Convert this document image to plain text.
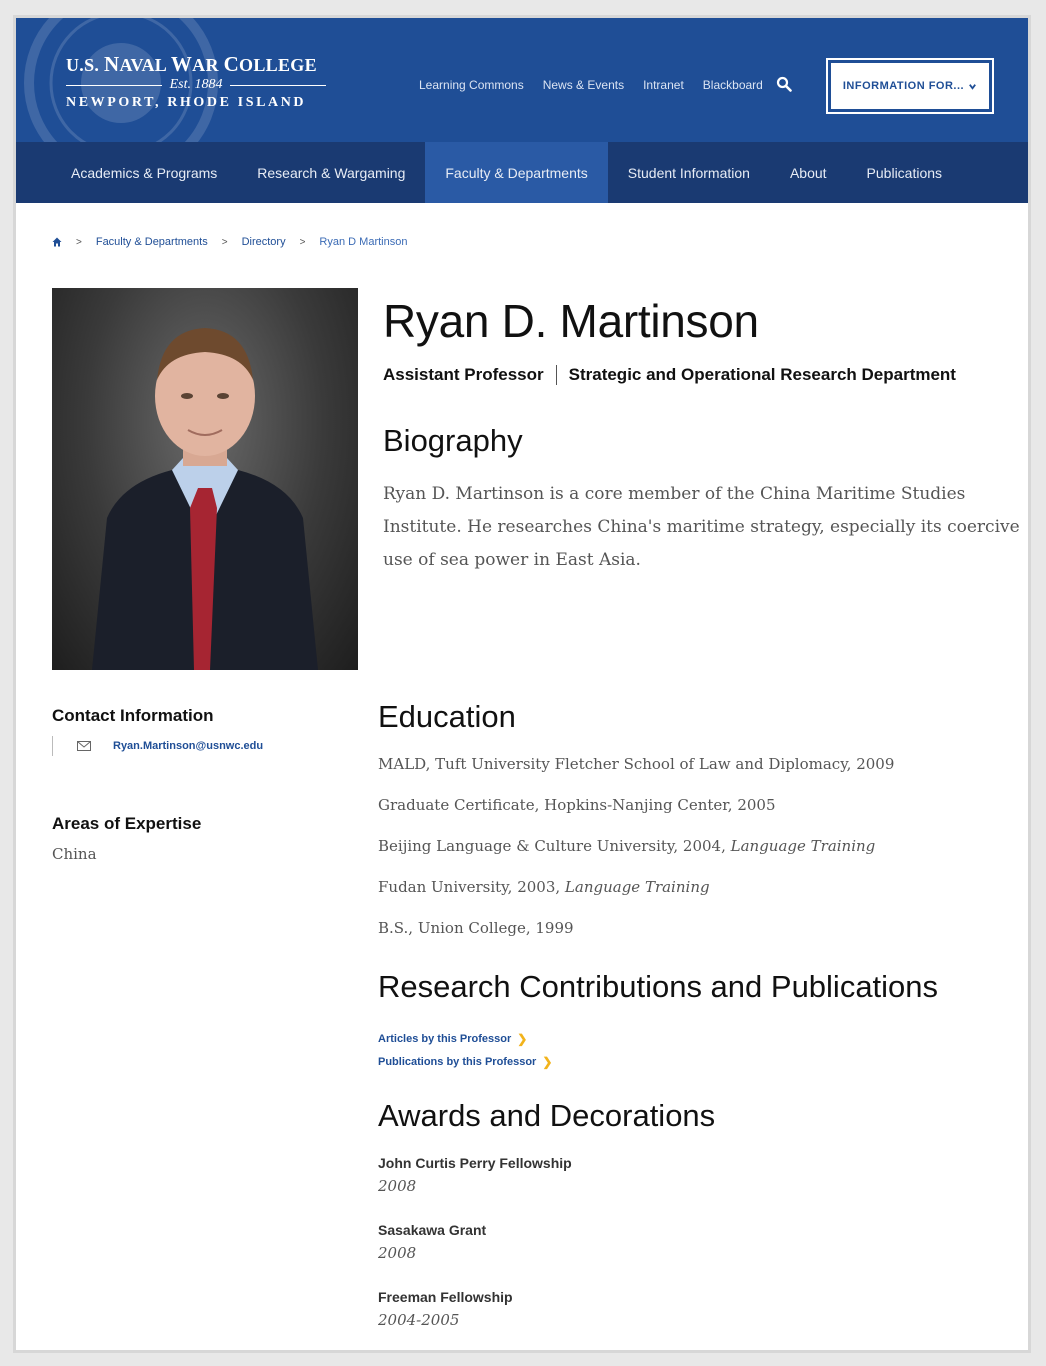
U.S. NAVAL WAR COLLEGE
Est. 1884
NEWPORT, RHODE ISLAND
Learning Commons News & Events Intranet Blackboard	INFORMATION FOR...
Academics & Programs	Research & Wargaming	Faculty & Departments	Student Information	About	Publications
> Faculty & Departments > Directory > Ryan D Martinson
Ryan D. Martinson
Assistant Professor Strategic and Operational Research Department
Biography

Ryan D. Martinson is a core member of the China Maritime Studies Institute. He researches China's maritime strategy, especially its coercive use of sea power in East Asia.

Contact Information
Ryan.Martinson@usnwc.edu
Areas of Expertise
China
Education
MALD, Tuft University Fletcher School of Law and Diplomacy, 2009
Graduate Certificate, Hopkins-Nanjing Center, 2005
Beijing Language & Culture University, 2004, Language Training
Fudan University, 2003, Language Training
B.S., Union College, 1999
Research Contributions and Publications
Articles by this Professor ❯
Publications by this Professor ❯
Awards and Decorations
John Curtis Perry Fellowship
2008
Sasakawa Grant
2008
Freeman Fellowship
2004-2005
